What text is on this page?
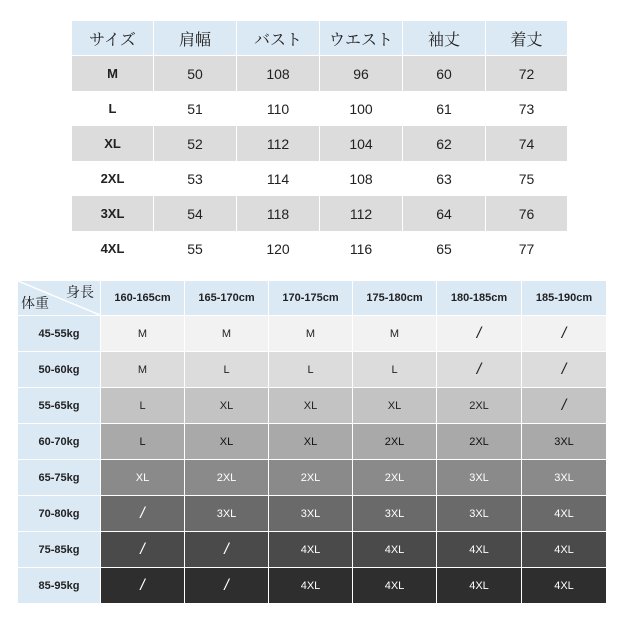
サイズ	肩幅	バスト	ウエスト	袖丈	着丈
M	50	108	96	60	72
L	51	110	100	61	73
XL	52	112	104	62	74
2XL	53	114	108	63	75
3XL	54	118	112	64	76
4XL	55	120	116	65	77
身長
体重	160-165cm	165-170cm	170-175cm	175-180cm	180-185cm	185-190cm
45-55kg	M	M	M	M	/	/
50-60kg	M	L	L	L	/	/
55-65kg	L	XL	XL	XL	2XL	/
60-70kg	L	XL	XL	2XL	2XL	3XL
65-75kg	XL	2XL	2XL	2XL	3XL	3XL
70-80kg	/	3XL	3XL	3XL	3XL	4XL
75-85kg	/	/	4XL	4XL	4XL	4XL
85-95kg	/	/	4XL	4XL	4XL	4XL
